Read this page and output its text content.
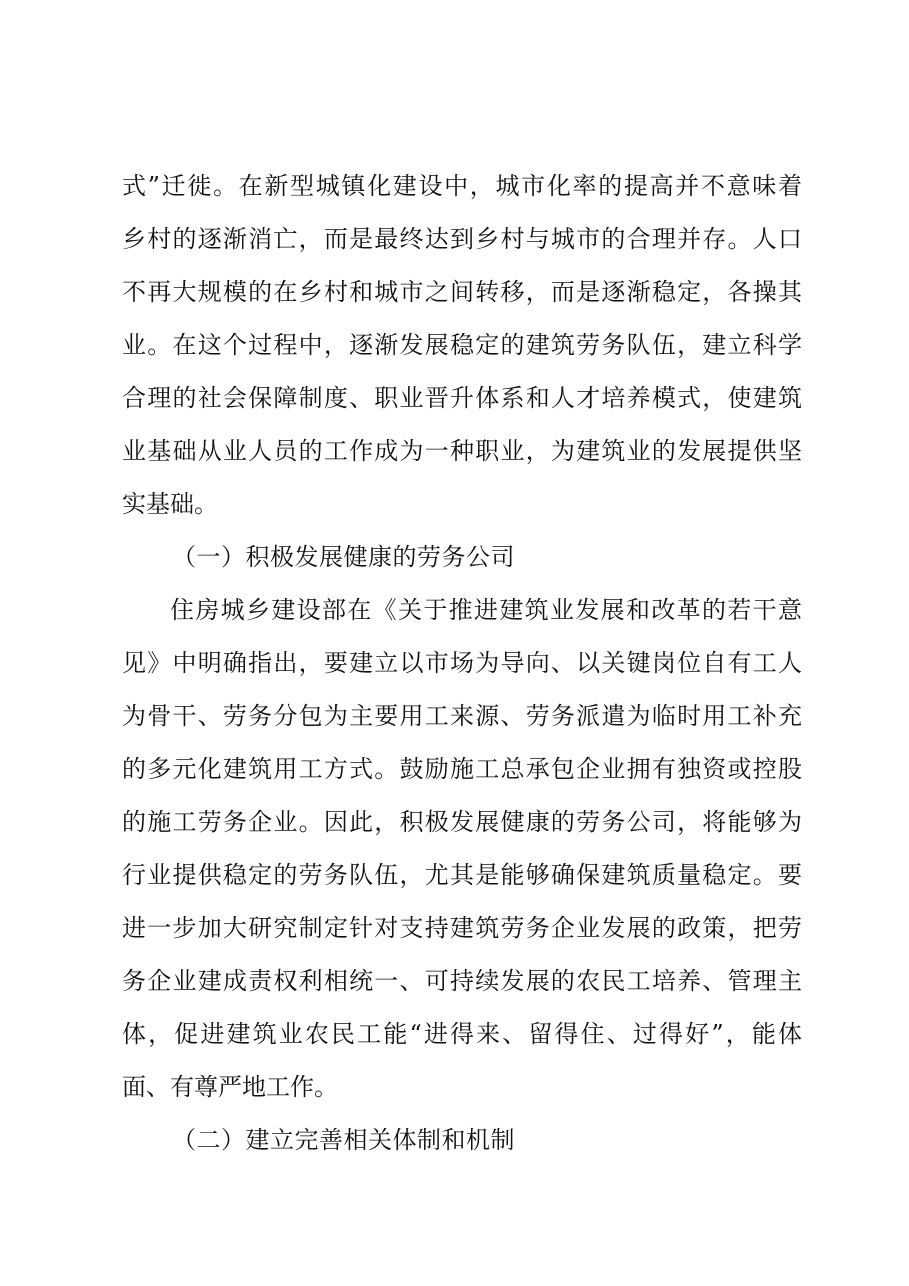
式”迁徙。在新型城镇化建设中，城市化率的提高并不意味着
乡村的逐渐消亡，而是最终达到乡村与城市的合理并存。人口
不再大规模的在乡村和城市之间转移，而是逐渐稳定，各操其
业。在这个过程中，逐渐发展稳定的建筑劳务队伍，建立科学
合理的社会保障制度、职业晋升体系和人才培养模式，使建筑
业基础从业人员的工作成为一种职业，为建筑业的发展提供坚
实基础。
（一）积极发展健康的劳务公司
住房城乡建设部在《关于推进建筑业发展和改革的若干意
见》中明确指出，要建立以市场为导向、以关键岗位自有工人
为骨干、劳务分包为主要用工来源、劳务派遣为临时用工补充
的多元化建筑用工方式。鼓励施工总承包企业拥有独资或控股
的施工劳务企业。因此，积极发展健康的劳务公司，将能够为
行业提供稳定的劳务队伍，尤其是能够确保建筑质量稳定。要
进一步加大研究制定针对支持建筑劳务企业发展的政策，把劳
务企业建成责权利相统一、可持续发展的农民工培养、管理主
体，促进建筑业农民工能“进得来、留得住、过得好”，能体
面、有尊严地工作。
（二）建立完善相关体制和机制
